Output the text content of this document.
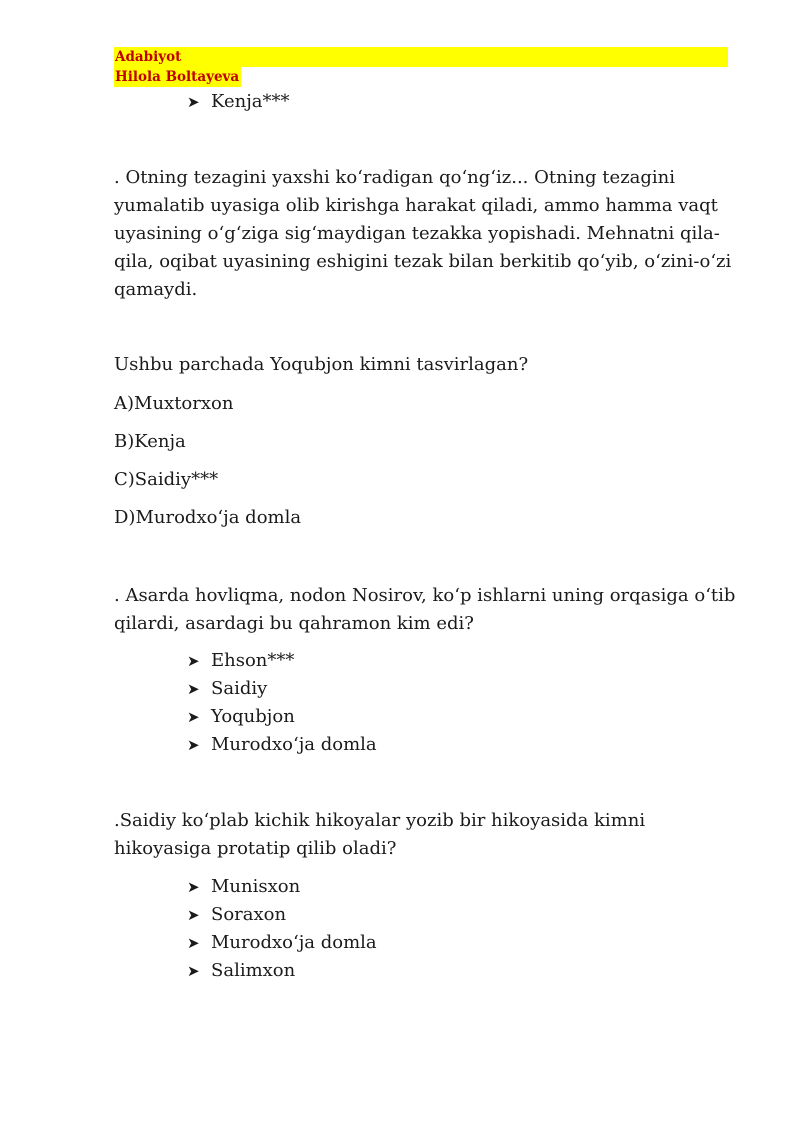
Adabiyot
Hilola Boltayeva
➤ Kenja***

. Otning tezagini yaxshi ko‘radigan qo‘ng‘iz... Otning tezagini yumalatib uyasiga olib kirishga harakat qiladi, ammo hamma vaqt uyasining o‘g‘ziga sig‘maydigan tezakka yopishadi. Mehnatni qila-qila, oqibat uyasining eshigini tezak bilan berkitib qo‘yib, o‘zini-o‘zi qamaydi.

Ushbu parchada Yoqubjon kimni tasvirlagan?

A)Muxtorxon

B)Kenja

C)Saidiy***

D)Murodxo‘ja domla

. Asarda hovliqma, nodon Nosirov, ko‘p ishlarni uning orqasiga o‘tib qilardi, asardagi bu qahramon kim edi?

➤ Ehson***
➤ Saidiy
➤ Yoqubjon
➤ Murodxo‘ja domla

.Saidiy ko‘plab kichik hikoyalar yozib bir hikoyasida kimni hikoyasiga protatip qilib oladi?

➤ Munisxon
➤ Soraxon
➤ Murodxo‘ja domla
➤ Salimxon
